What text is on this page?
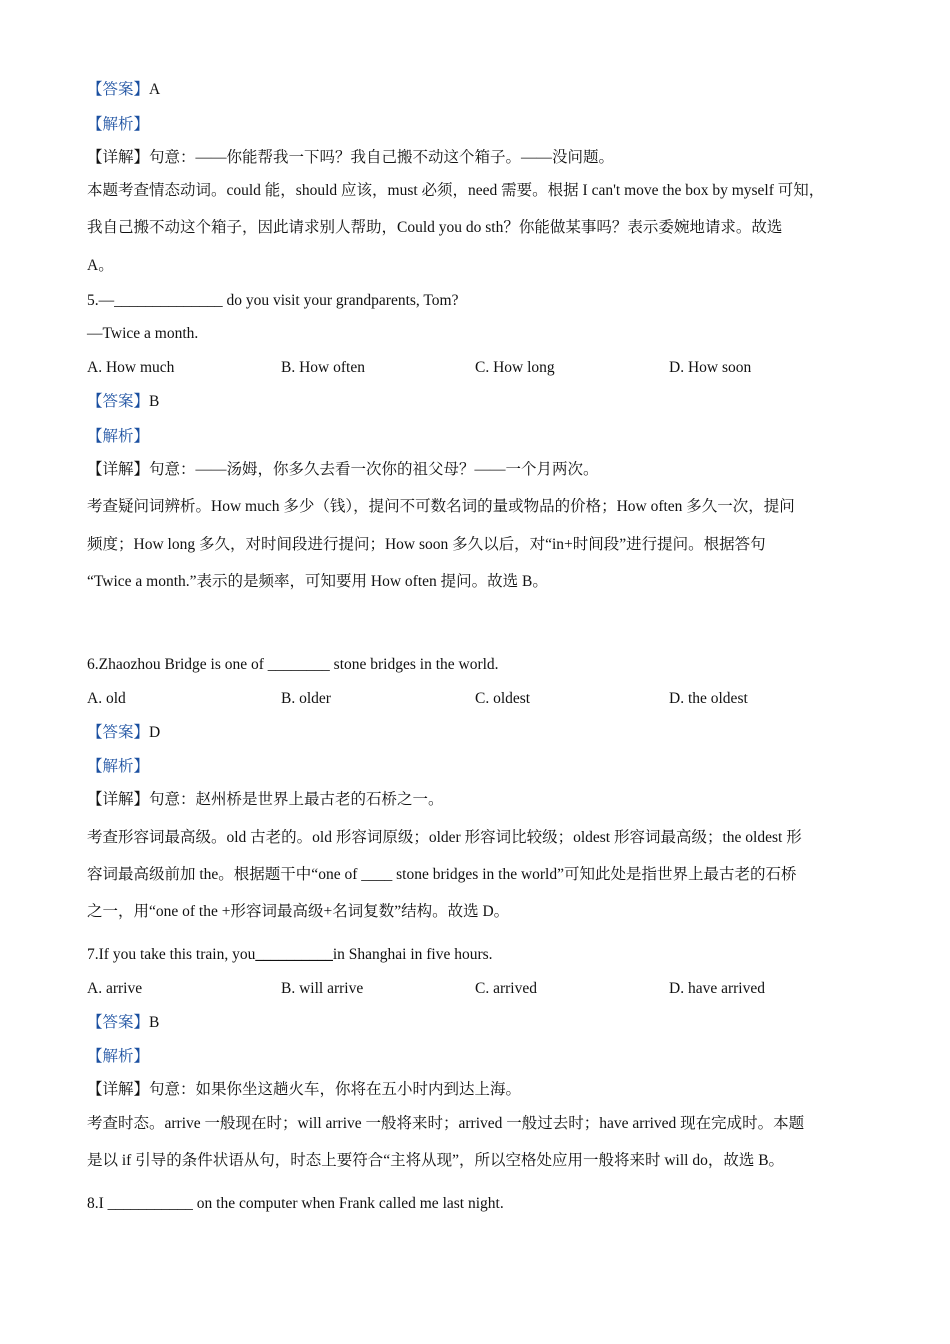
【答案】A
【解析】
【详解】句意：——你能帮我一下吗？我自己搬不动这个箱子。——没问题。
本题考查情态动词。could 能，should 应该，must 必须，need 需要。根据 I can't move the box by myself 可知，
我自己搬不动这个箱子，因此请求别人帮助，Could you do sth？你能做某事吗？表示委婉地请求。故选
A。
5.—______________ do you visit your grandparents, Tom?
—Twice a month.
A. How much	B. How often	C. How long	D. How soon
【答案】B
【解析】
【详解】句意：——汤姆，你多久去看一次你的祖父母？——一个月两次。
考查疑问词辨析。How much 多少（钱），提问不可数名词的量或物品的价格；How often 多久一次，提问
频度；How long 多久，对时间段进行提问；How soon 多久以后，对“in+时间段”进行提问。根据答句
“Twice a month.”表示的是频率，可知要用 How often 提问。故选 B。
6.Zhaozhou Bridge is one of ________ stone bridges in the world.
A. old	B. older	C. oldest	D. the oldest
【答案】D
【解析】
【详解】句意：赵州桥是世界上最古老的石桥之一。
考查形容词最高级。old 古老的。old 形容词原级；older 形容词比较级；oldest 形容词最高级；the oldest 形
容词最高级前加 the。根据题干中“one of ____ stone bridges in the world”可知此处是指世界上最古老的石桥
之一，用“one of the +形容词最高级+名词复数”结构。故选 D。
7.If you take this train, you__________in Shanghai in five hours.
A. arrive	B. will arrive	C. arrived	D. have arrived
【答案】B
【解析】
【详解】句意：如果你坐这趟火车，你将在五小时内到达上海。
考查时态。arrive 一般现在时；will arrive 一般将来时；arrived 一般过去时；have arrived 现在完成时。本题
是以 if 引导的条件状语从句，时态上要符合“主将从现”，所以空格处应用一般将来时 will do，故选 B。
8.I ___________ on the computer when Frank called me last night.
